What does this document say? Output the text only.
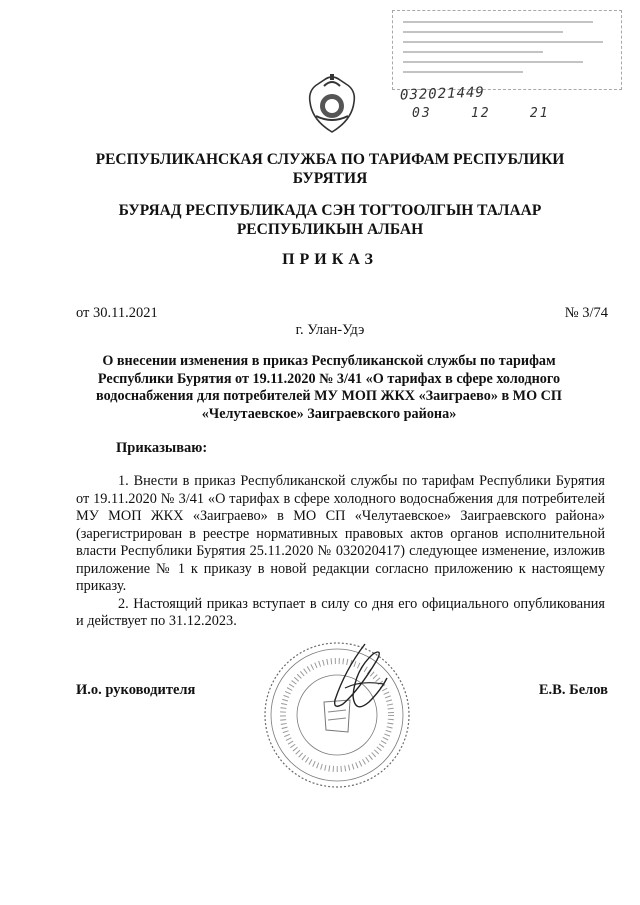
032021449
03    12    21
РЕСПУБЛИКАНСКАЯ СЛУЖБА ПО ТАРИФАМ РЕСПУБЛИКИ
БУРЯТИЯ
БУРЯАД РЕСПУБЛИКАДА СЭН ТОГТООЛГЫН ТАЛААР
РЕСПУБЛИКЫН АЛБАН
ПРИКАЗ
от 30.11.2021	№ 3/74
г. Улан-Удэ
О внесении изменения в приказ Республиканской службы по тарифам
Республики Бурятия от 19.11.2020 № 3/41 «О тарифах в сфере холодного
водоснабжения для потребителей МУ МОП ЖКХ «Заиграево» в МО СП
«Челутаевское» Заиграевского района»
Приказываю:

1. Внести в приказ Республиканской службы по тарифам Республики Бурятия от 19.11.2020 № 3/41 «О тарифах в сфере холодного водоснабжения для потребителей МУ МОП ЖКХ «Заиграево» в МО СП «Челутаевское» Заиграевского района» (зарегистрирован в реестре нормативных правовых актов органов исполнительной власти Республики Бурятия 25.11.2020 № 032020417) следующее изменение, изложив приложение № 1 к приказу в новой редакции согласно приложению к настоящему приказу.

2. Настоящий приказ вступает в силу со дня его официального опубликования и действует по 31.12.2023.

И.о. руководителя	Е.В. Белов
